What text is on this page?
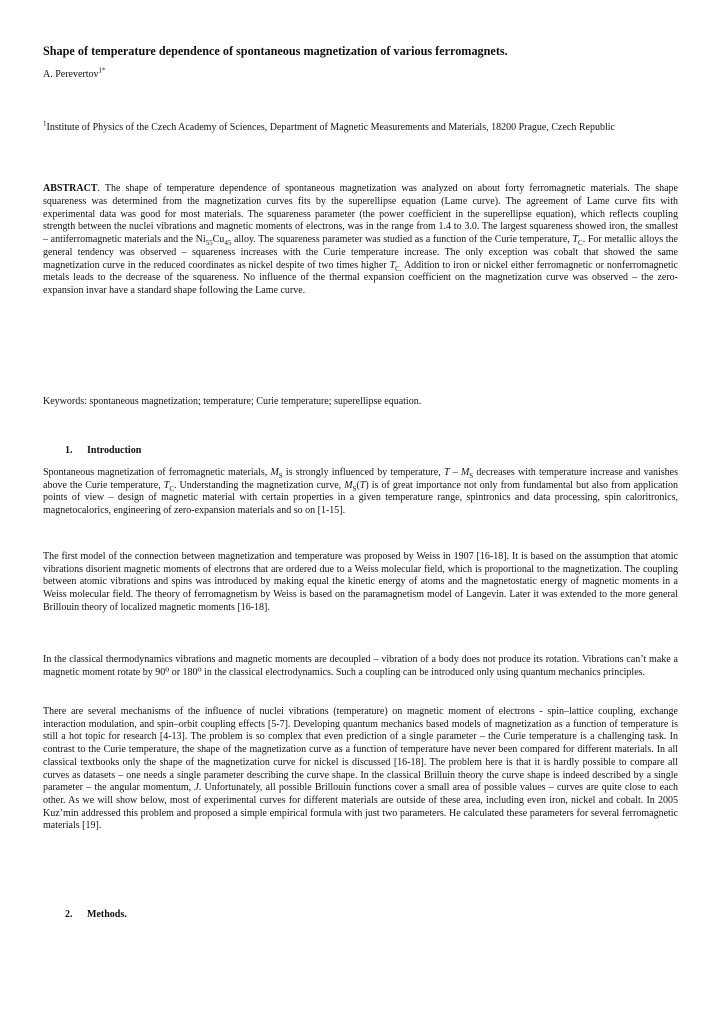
Shape of temperature dependence of spontaneous magnetization of various ferromagnets.
A. Perevertov$^{1*}$
$^1$Institute of Physics of the Czech Academy of Sciences, Department of Magnetic Measurements and Materials, 18200 Prague, Czech Republic
ABSTRACT. The shape of temperature dependence of spontaneous magnetization was analyzed on about forty ferromagnetic materials. The shape squareness was determined from the magnetization curves fits by the superellipse equation (Lame curve). The agreement of Lame curve fits with experimental data was good for most materials. The squareness parameter (the power coefficient in the superellipse equation), which reflects coupling strength between the nuclei vibrations and magnetic moments of electrons, was in the range from 1.4 to 3.0. The largest squareness showed iron, the smallest – antiferromagnetic materials and the $Ni_{55}Cu_{45}$ alloy. The squareness parameter was studied as a function of the Curie temperature, $T_C$. For metallic alloys the general tendency was observed – squareness increases with the Curie temperature increase. The only exception was cobalt that showed the same magnetization curve in the reduced coordinates as nickel despite of two times higher $T_{C.}$ Addition to iron or nickel either ferromagnetic or nonferromagnetic metals leads to the decrease of the squareness. No influence of the thermal expansion coefficient on the magnetization curve was observed – the zero-expansion invar have a standard shape following the Lame curve.
Keywords: spontaneous magnetization; temperature; Curie temperature; superellipse equation.
1. Introduction
Spontaneous magnetization of ferromagnetic materials, $M_S$ is strongly influenced by temperature, T – $M_S$ decreases with temperature increase and vanishes above the Curie temperature, $T_C$. Understanding the magnetization curve, $M_S(T)$ is of great importance not only from fundamental but also from application points of view – design of magnetic material with certain properties in a given temperature range, spintronics and data processing, spin caloritronics, magnetocalorics, engineering of zero-expansion materials and so on [1-15].
The first model of the connection between magnetization and temperature was proposed by Weiss in 1907 [16-18]. It is based on the assumption that atomic vibrations disorient magnetic moments of electrons that are ordered due to a Weiss molecular field, which is proportional to the magnetization. The coupling between atomic vibrations and spins was introduced by making equal the kinetic energy of atoms and the magnetostatic energy of magnetic moments in a Weiss molecular field. The theory of ferromagnetism by Weiss is based on the paramagnetism model of Langevin. Later it was extended to the more general Brillouin theory of localized magnetic moments [16-18].
In the classical thermodynamics vibrations and magnetic moments are decoupled – vibration of a body does not produce its rotation. Vibrations can’t make a magnetic moment rotate by 90⁰ or 180⁰ in the classical electrodynamics. Such a coupling can be introduced only using quantum mechanics principles.
There are several mechanisms of the influence of nuclei vibrations (temperature) on magnetic moment of electrons - spin–lattice coupling, exchange interaction modulation, and spin–orbit coupling effects [5-7]. Developing quantum mechanics based models of magnetization as a function of temperature is still a hot topic for research [4-13]. The problem is so complex that even prediction of a single parameter – the Curie temperature is a challenging task. In contrast to the Curie temperature, the shape of the magnetization curve as a function of temperature have never been compared for different materials. In all classical textbooks only the shape of the magnetization curve for nickel is discussed [16-18]. The problem here is that it is hardly possible to compare all curves as datasets – one needs a single parameter describing the curve shape. In the classical Brilluin theory the curve shape is indeed described by a single parameter – the angular momentum, J. Unfortunately, all possible Brillouin functions cover a small area of possible values – curves are quite close to each other. As we will show below, most of experimental curves for different materials are outside of these area, including even iron, nickel and cobalt. In 2005 Kuz’min addressed this problem and proposed a simple empirical formula with just two parameters. He calculated these parameters for several ferromagnetic materials [19].
2. Methods.
